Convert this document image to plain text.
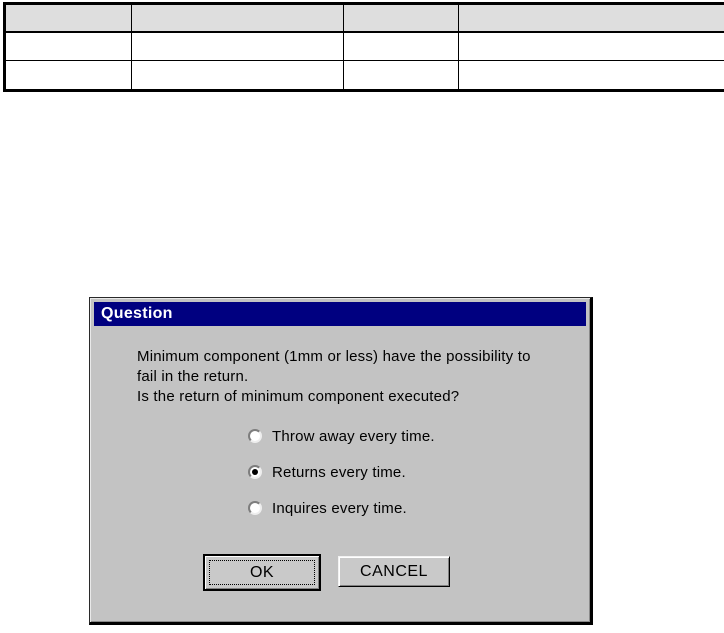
Question
Minimum component (1mm or less) have the possibility to
fail in the return.
Is the return of minimum component executed?
Throw away every time.
Returns every time.
Inquires every time.
OK	CANCEL
